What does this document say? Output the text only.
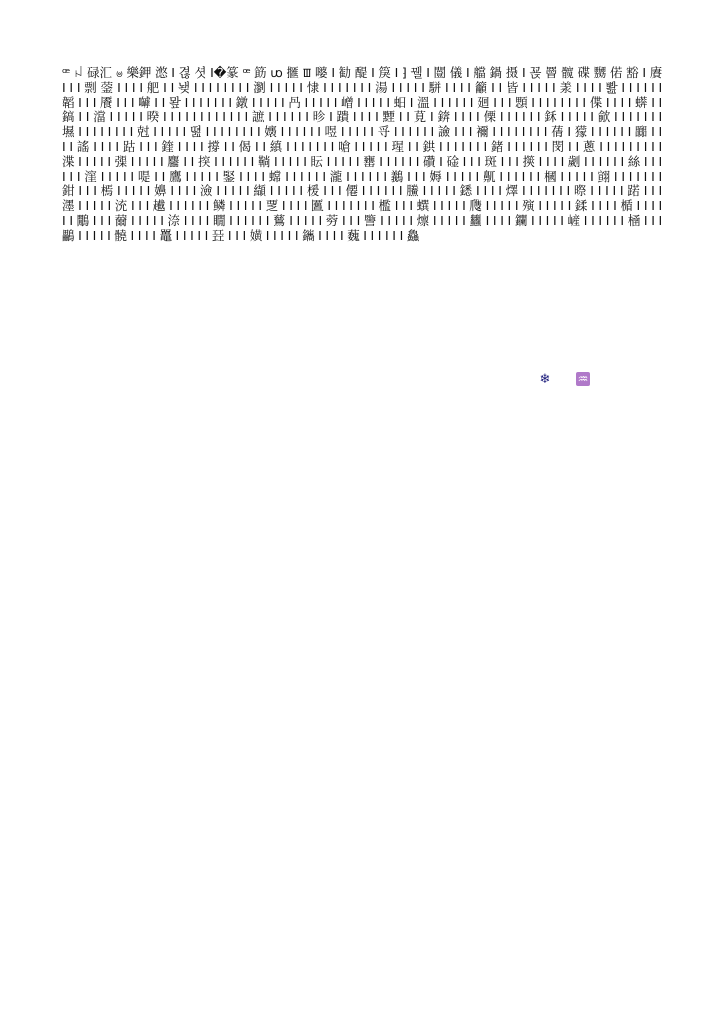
ꟹ ꈤ 碌汇 ၑ 樂鉀 滺 ꓲ 겮 셧 ꓲ�篆 ꟹ 筯 ꭣ 擓 ꯡ 嘙 ꓲ 勧 醍 ꓲ 䈆 ꓲ ⁆ 꿸 ꓲ 闓 儀 ꓲ 艡 鍋 摄 ꓲ 꾡 罾 髋 碟 嬲 偌 豁 ꓲ 賡 ꓲ ꓲ ꓲ 剽 蓥 ꓲ ꓲ ꓲ ꓲ 舥 ꓲ ꓲ 뇆 ꓲ ꓲ ꓲ ꓲ ꓲ ꓲ ꓲ ꓲ 瀏 ꓲ ꓲ ꓲ ꓲ ꓲ 㥆 ꓲ ꓲ ꓲ ꓲ ꓲ ꓲ ꓲ 湯 ꓲ ꓲ ꓲ ꓲ ꓲ 駢 ꓲ ꓲ ꓲ ꓲ 籲 ꓲ ꓲ 皆 ꓲ ꓲ ꓲ ꓲ ꓲ 羕 ꓲ ꓲ ꓲ ꓲ 뽪 ꓲ ꓲ ꓲ ꓲ ꓲ ꓲ 韜 ꓲ ꓲ ꓲ 餍 ꓲ ꓲ ꓲ 嚹 ꓲ ꓲ 뫞 ꓲ ꓲ ꓲ ꓲ ꓲ ꓲ ꓲ 鐓 ꓲ ꓲ ꓲ ꓲ ꓲ 冎 ꓲ ꓲ ꓲ ꓲ ꓲ 嶒 ꓲ ꓲ ꓲ ꓲ ꓲ 蚎 ꓲ 溫 ꓲ ꓲ ꓲ ꓲ ꓲ ꓲ 廻 ꓲ ꓲ ꓲ 顋 ꓲ ꓲ ꓲ ꓲ ꓲ ꓲ ꓲ ꓲ 偞 ꓲ ꓲ ꓲ ꓲ 蠎 ꓲ ꓲ 鎬 ꓲ ꓲ 澢 ꓲ ꓲ ꓲ ꓲ ꓲ 暌 ꓲ ꓲ ꓲ ꓲ ꓲ ꓲ ꓲ ꓲ ꓲ ꓲ ꓲ ꓲ 謶 ꓲ ꓲ ꓲ ꓲ ꓲ ꓲ 昣 ꓲ 蹪 ꓲ ꓲ ꓲ ꓲ 黫 ꓲ ꓲ 莧 ꓲ 錛 ꓲ ꓲ ꓲ ꓲ 傈 ꓲ ꓲ ꓲ ꓲ ꓲ ꓲ 鉌 ꓲ ꓲ ꓲ ꓲ ꓲ 歈 ꓲ ꓲ ꓲ ꓲ ꓲ ꓲ ꓲ 㙷 ꓲ ꓲ ꓲ ꓲ ꓲ ꓲ ꓲ ꓲ 尅 ꓲ ꓲ ꓲ ꓲ ꓲ 뗦 ꓲ ꓲ ꓲ ꓲ ꓲ ꓲ ꓲ ꓲ 㜵 ꓲ ꓲ ꓲ ꓲ ꓲ ꓲ 喅 ꓲ ꓲ ꓲ ꓲ ꓲ 寽 ꓲ ꓲ ꓲ ꓲ ꓲ ꓲ 譣 ꓲ ꓲ ꓲ 襧 ꓲ ꓲ ꓲ ꓲ ꓲ ꓲ ꓲ ꓲ 蒨 ꓲ 獴 ꓲ ꓲ ꓲ ꓲ ꓲ ꓲ 嚻 ꓲ ꓲ ꓲ ꓲ 謠 ꓲ ꓲ ꓲ ꓲ 跍 ꓲ ꓲ ꓲ 鍷 ꓲ ꓲ ꓲ ꓲ 撐 ꓲ ꓲ 偈 ꓲ ꓲ 縝 ꓲ ꓲ ꓲ ꓲ ꓲ ꓲ ꓲ 嗆 ꓲ ꓲ ꓲ ꓲ ꓲ 瑆 ꓲ ꓲ 鉷 ꓲ ꓲ ꓲ ꓲ ꓲ ꓲ ꓲ 鍺 ꓲ ꓲ ꓲ ꓲ ꓲ ꓲ 閔 ꓲ ꓲ 蔥 ꓲ ꓲ ꓲ ꓲ ꓲ ꓲ ꓲ ꓲ ꓲ 渫 ꓲ ꓲ ꓲ ꓲ ꓲ 㣄 ꓲ ꓲ ꓲ ꓲ ꓲ 麢 ꓲ ꓲ 揬 ꓲ ꓲ ꓲ ꓲ ꓲ ꓲ 鞝 ꓲ ꓲ ꓲ ꓲ ꓲ 眃 ꓲ ꓲ ꓲ ꓲ ꓲ 罋 ꓲ ꓲ ꓲ ꓲ ꓲ ꓲ 礸 ꓲ 碒 ꓲ ꓲ ꓲ 斑 ꓲ ꓲ ꓲ 擌 ꓲ ꓲ ꓲ ꓲ 劌 ꓲ ꓲ ꓲ ꓲ ꓲ ꓲ 絲 ꓲ ꓲ ꓲ ꓲ ꓲ ꓲ 漥 ꓲ ꓲ ꓲ ꓲ ꓲ 㖷 ꓲ ꓲ 鷹 ꓲ ꓲ ꓲ ꓲ ꓲ 鋻 ꓲ ꓲ ꓲ ꓲ 蟐 ꓲ ꓲ ꓲ ꓲ ꓲ ꓲ 瀧 ꓲ ꓲ ꓲ ꓲ ꓲ ꓲ 䴊 ꓲ ꓲ ꓲ 媷 ꓲ ꓲ ꓲ ꓲ ꓲ 鼿 ꓲ ꓲ ꓲ ꓲ ꓲ ꓲ 槶 ꓲ ꓲ ꓲ ꓲ ꓲ 翧 ꓲ ꓲ ꓲ ꓲ ꓲ ꓲ ꓲ 鉗 ꓲ ꓲ ꓲ 㯊 ꓲ ꓲ ꓲ ꓲ ꓲ 嬶 ꓲ ꓲ ꓲ ꓲ 澰 ꓲ ꓲ ꓲ ꓲ ꓲ 纈 ꓲ ꓲ ꓲ ꓲ ꓲ 楥 ꓲ ꓲ ꓲ 僊 ꓲ ꓲ ꓲ ꓲ ꓲ ꓲ 鰧 ꓲ ꓲ ꓲ ꓲ ꓲ 鏭 ꓲ ꓲ ꓲ ꓲ 燡 ꓲ ꓲ ꓲ ꓲ ꓲ ꓲ ꓲ 暩 ꓲ ꓲ ꓲ ꓲ ꓲ 蹃 ꓲ ꓲ ꓲ 濹 ꓲ ꓲ ꓲ ꓲ ꓲ 㳘 ꓲ ꓲ ꓲ 䟌 ꓲ ꓲ ꓲ ꓲ ꓲ ꓲ 鳞 ꓲ ꓲ ꓲ ꓲ ꓲ 覂 ꓲ ꓲ ꓲ ꓲ 匶 ꓲ ꓲ ꓲ ꓲ ꓲ ꓲ ꓲ 檻 ꓲ ꓲ ꓲ 蟤 ꓲ ꓲ ꓲ ꓲ ꓲ 㸕 ꓲ ꓲ ꓲ ꓲ ꓲ 殥 ꓲ ꓲ ꓲ ꓲ ꓲ 鍒 ꓲ ꓲ ꓲ ꓲ 楯 ꓲ ꓲ ꓲ ꓲ ꓲ ꓲ 鷳 ꓲ ꓲ ꓲ 薾 ꓲ ꓲ ꓲ ꓲ ꓲ 㴎 ꓲ ꓲ ꓲ ꓲ 瞯 ꓲ ꓲ ꓲ ꓲ ꓲ ꓲ 鶿 ꓲ ꓲ ꓲ ꓲ ꓲ 䓖 ꓲ ꓲ ꓲ 譼 ꓲ ꓲ ꓲ ꓲ ꓲ 燷 ꓲ ꓲ ꓲ ꓲ ꓲ 蠿 ꓲ ꓲ ꓲ ꓲ 鑭 ꓲ ꓲ ꓲ ꓲ ꓲ 嵼 ꓲ ꓲ ꓲ ꓲ ꓲ ꓲ 㮭 ꓲ ꓲ ꓲ 鸓 ꓲ ꓲ ꓲ ꓲ ꓲ 髐 ꓲ ꓲ ꓲ ꓲ 鼉 ꓲ ꓲ ꓲ ꓲ ꓲ 㠭 ꓲ ꓲ ꓲ 嫹 ꓲ ꓲ ꓲ ꓲ ꓲ 鑴 ꓲ ꓲ ꓲ ꓲ 蘶 ꓲ ꓲ ꓲ ꓲ ꓲ ꓲ 鱻

❄ ♒
